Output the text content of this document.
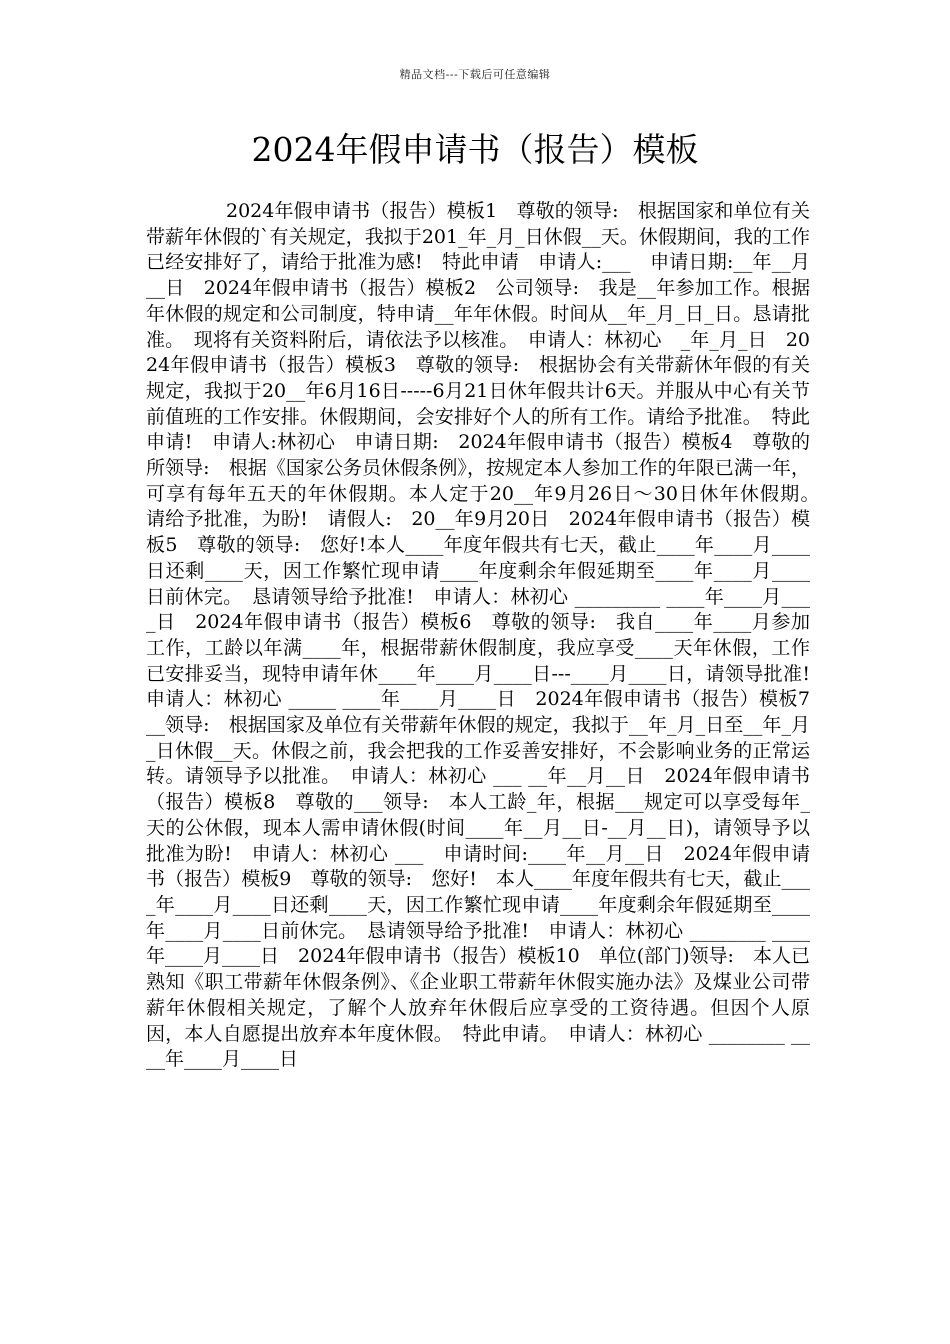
精品文档---下载后可任意编辑
2024年假申请书（报告）模板

2024年假申请书（报告）模板1　尊敬的领导:　根据国家和单位有关带薪年休假的`有关规定，我拟于201_年_月_日休假__天。休假期间，我的工作已经安排好了，请给于批准为感!　特此申请　申请人:___　申请日期:__年__月__日　2024年假申请书（报告）模板2　公司领导:　我是__年参加工作。根据年休假的规定和公司制度，特申请__年年休假。时间从__年_月_日_日。恳请批准。　现将有关资料附后，请依法予以核准。　申请人：林初心　_年_月_日　2024年假申请书（报告）模板3　尊敬的领导:　根据协会有关带薪休年假的有关规定，我拟于20__年6月16日-----6月21日休年假共计6天。并服从中心有关节前值班的工作安排。休假期间，会安排好个人的所有工作。请给予批准。　特此申请!　申请人:林初心　申请日期:　2024年假申请书（报告）模板4　尊敬的所领导:　根据《国家公务员休假条例》，按规定本人参加工作的年限已满一年，可享有每年五天的年休假期。本人定于20__年9月26日～30日休年休假期。　请给予批准，为盼!　请假人:　20__年9月20日　2024年假申请书（报告）模板5　尊敬的领导:　您好!本人____年度年假共有七天，截止____年____月____日还剩____天，因工作繁忙现申请____年度剩余年假延期至____年____月____日前休完。　恳请领导给予批准!　申请人：林初心 _________ ____年____月____日　2024年假申请书（报告）模板6　尊敬的领导:　我自____年____月参加工作，工龄以年满____年，根据带薪休假制度，我应享受____天年休假，工作已安排妥当，现特申请年休____年____月____日---____月____日，请领导批准!　申请人：林初心 _____ ____年____月____日　2024年假申请书（报告）模板7　__领导:　根据国家及单位有关带薪年休假的规定，我拟于__年_月_日至__年_月_日休假__天。休假之前，我会把我的工作妥善安排好，不会影响业务的正常运转。请领导予以批准。　申请人：林初心 ___ __年__月__日　2024年假申请书（报告）模板8　尊敬的___领导:　本人工龄_年，根据___规定可以享受每年_天的公休假，现本人需申请休假(时间____年__月__日-__月__日)，请领导予以批准为盼!　申请人：林初心 ___　申请时间:____年__月__日　2024年假申请书（报告）模板9　尊敬的领导:　您好!　本人____年度年假共有七天，截止____年____月____日还剩____天，因工作繁忙现申请____年度剩余年假延期至____年____月____日前休完。　恳请领导给予批准!　申请人：林初心 ________ ____年____月____日　2024年假申请书（报告）模板10　单位(部门)领导:　本人已熟知《职工带薪年休假条例》、《企业职工带薪年休假实施办法》及煤业公司带薪年休假相关规定，了解个人放弃年休假后应享受的工资待遇。但因个人原因，本人自愿提出放弃本年度休假。　特此申请。　申请人：林初心 ________ ____年____月____日
